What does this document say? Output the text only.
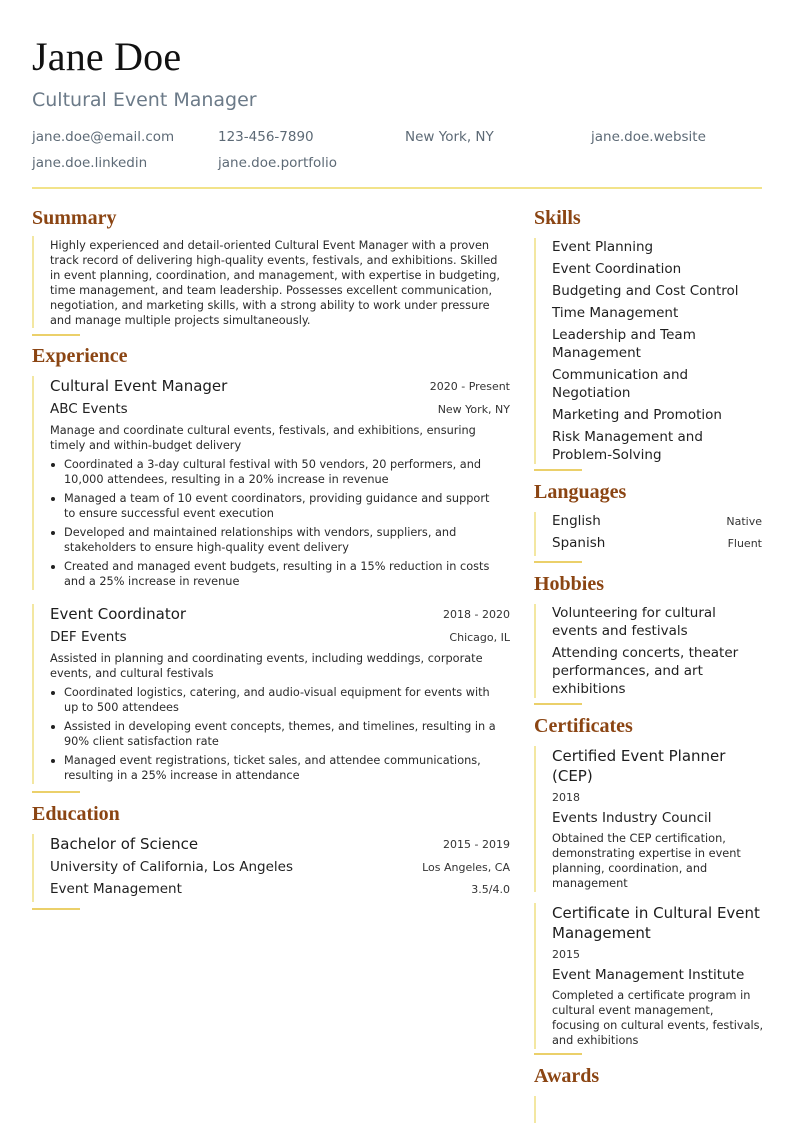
Jane Doe
Cultural Event Manager
jane.doe@email.com	123-456-7890	New York, NY	jane.doe.website
jane.doe.linkedin	jane.doe.portfolio
Summary
Highly experienced and detail-oriented Cultural Event Manager with a proven track record of delivering high-quality events, festivals, and exhibitions. Skilled in event planning, coordination, and management, with expertise in budgeting, time management, and team leadership. Possesses excellent communication, negotiation, and marketing skills, with a strong ability to work under pressure and manage multiple projects simultaneously.
Experience
Cultural Event Manager	2020 - Present
ABC Events	New York, NY
Manage and coordinate cultural events, festivals, and exhibitions, ensuring timely and within-budget delivery
Coordinated a 3-day cultural festival with 50 vendors, 20 performers, and 10,000 attendees, resulting in a 20% increase in revenue
Managed a team of 10 event coordinators, providing guidance and support to ensure successful event execution
Developed and maintained relationships with vendors, suppliers, and stakeholders to ensure high-quality event delivery
Created and managed event budgets, resulting in a 15% reduction in costs and a 25% increase in revenue
Event Coordinator	2018 - 2020
DEF Events	Chicago, IL
Assisted in planning and coordinating events, including weddings, corporate events, and cultural festivals
Coordinated logistics, catering, and audio-visual equipment for events with up to 500 attendees
Assisted in developing event concepts, themes, and timelines, resulting in a 90% client satisfaction rate
Managed event registrations, ticket sales, and attendee communications, resulting in a 25% increase in attendance
Education
Bachelor of Science	2015 - 2019
University of California, Los Angeles	Los Angeles, CA
Event Management	3.5/4.0
Skills
Event Planning
Event Coordination
Budgeting and Cost Control
Time Management
Leadership and Team Management
Communication and Negotiation
Marketing and Promotion
Risk Management and Problem-Solving
Languages
English	Native
Spanish	Fluent
Hobbies
Volunteering for cultural events and festivals
Attending concerts, theater performances, and art exhibitions
Certificates
Certified Event Planner (CEP)
2018
Events Industry Council
Obtained the CEP certification, demonstrating expertise in event planning, coordination, and management
Certificate in Cultural Event Management
2015
Event Management Institute
Completed a certificate program in cultural event management, focusing on cultural events, festivals, and exhibitions
Awards
